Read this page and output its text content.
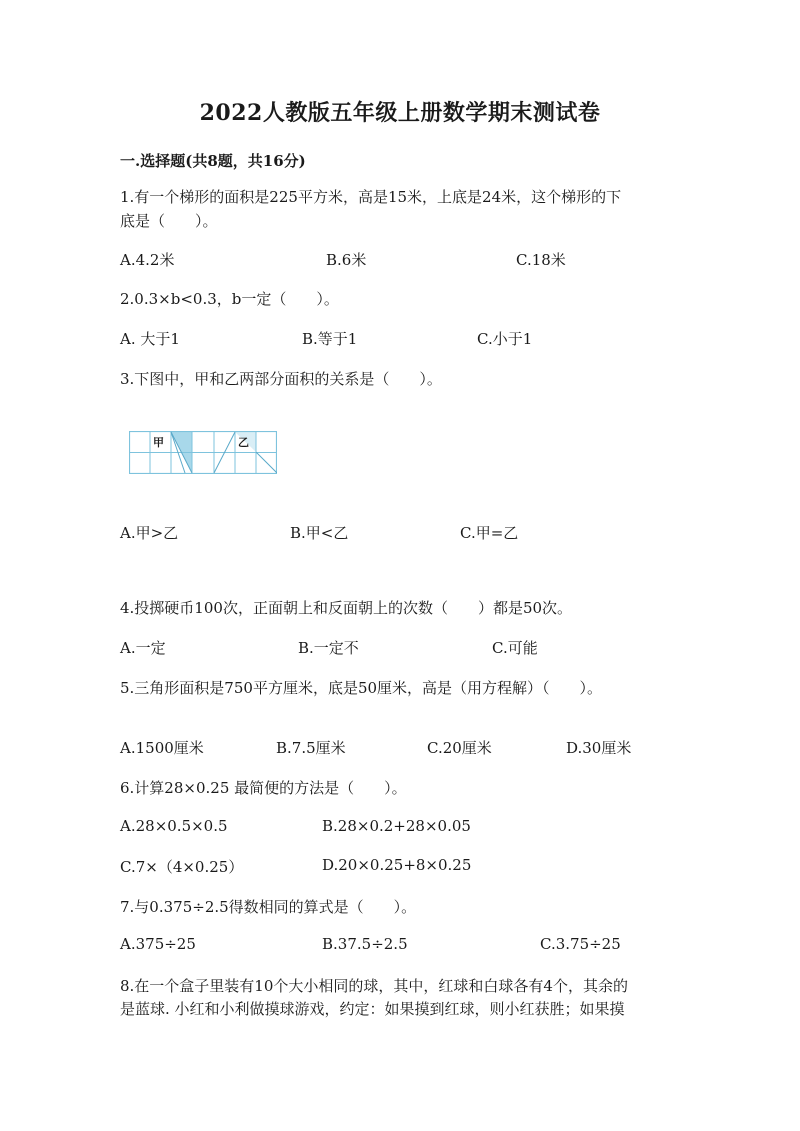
2022人教版五年级上册数学期末测试卷
一.选择题(共8题，共16分)
1.有一个梯形的面积是225平方米，高是15米，上底是24米，这个梯形的下
底是（　　）。
A.4.2米	B.6米	C.18米
2.0.3×b<0.3，b一定（　　）。
A. 大于1	B.等于1	C.小于1
3.下图中，甲和乙两部分面积的关系是（　　）。
甲	乙
A.甲>乙	B.甲<乙	C.甲=乙
4.投掷硬币100次，正面朝上和反面朝上的次数（　　）都是50次。
A.一定	B.一定不	C.可能
5.三角形面积是750平方厘米，底是50厘米，高是（用方程解）（　　）。
A.1500厘米	B.7.5厘米	C.20厘米	D.30厘米
6.计算28×0.25 最简便的方法是（　　）。
A.28×0.5×0.5	B.28×0.2+28×0.05
C.7×（4×0.25）	D.20×0.25+8×0.25
7.与0.375÷2.5得数相同的算式是（　　）。
A.375÷25	B.37.5÷2.5	C.3.75÷25
8.在一个盒子里装有10个大小相同的球，其中，红球和白球各有4个，其余的
是蓝球. 小红和小利做摸球游戏，约定：如果摸到红球，则小红获胜；如果摸
